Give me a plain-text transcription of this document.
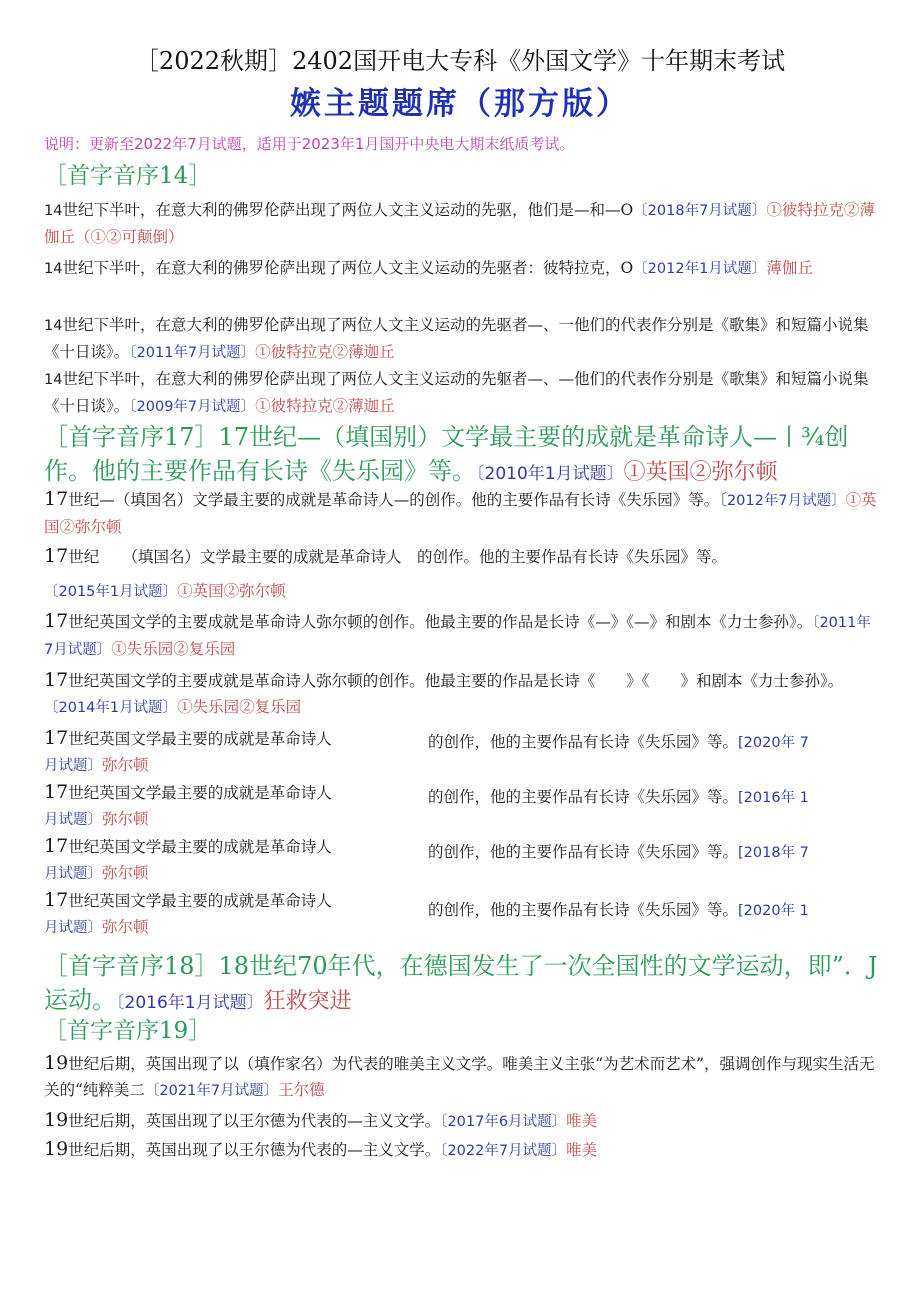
［2022秋期］2402国开电大专科《外国文学》十年期末考试
嫉主题题席（那方版）
说明：更新至2022年7月试题，适用于2023年1月国开中央电大期末纸质考试。
［首字音序14］
14世纪下半叶，在意大利的佛罗伦萨出现了两位人文主义运动的先驱，他们是—和—O〔2018年7月试题〕①彼特拉克②薄伽丘（①②可颠倒）
14世纪下半叶，在意大利的佛罗伦萨出现了两位人文主义运动的先驱者：彼特拉克，O〔2012年1月试题〕薄伽丘
14世纪下半叶，在意大利的佛罗伦萨出现了两位人文主义运动的先驱者—、一他们的代表作分别是《歌集》和短篇小说集《十日谈》。〔2011年7月试题〕①彼特拉克②薄迦丘
14世纪下半叶，在意大利的佛罗伦萨出现了两位人文主义运动的先躯者—、—他们的代表作分别是《歌集》和短篇小说集《十日谈》。〔2009年7月试题〕①彼特拉克②薄迦丘
［首字音序17］17世纪—（填国别）文学最主要的成就是革命诗人—丨¾创作。他的主要作品有长诗《失乐园》等。〔2010年1月试题〕①英国②弥尔顿
17世纪—（填国名）文学最主要的成就是革命诗人—的创作。他的主要作品有长诗《失乐园》等。〔2012年7月试题〕①英国②弥尔顿
17世纪　　（填国名）文学最主要的成就是革命诗人　的创作。他的主要作品有长诗《失乐园》等。
〔2015年1月试题〕①英国②弥尔顿
17世纪英国文学的主要成就是革命诗人弥尔顿的创作。他最主要的作品是长诗《—》《—》和剧本《力士参孙》。〔2011年7月试题〕①失乐园②复乐园
17世纪英国文学的主要成就是革命诗人弥尔顿的创作。他最主要的作品是长诗《　　》《　　》和剧本《力士参孙》。〔2014年1月试题〕①失乐园②复乐园
17世纪英国文学最主要的成就是革命诗人
月试题〕弥尔顿
的创作，他的主要作品有长诗《失乐园》等。[2020年 7
17世纪英国文学最主要的成就是革命诗人
月试题〕弥尔顿
的创作，他的主要作品有长诗《失乐园》等。[2016年 1
17世纪英国文学最主要的成就是革命诗人
月试题〕弥尔顿
的创作，他的主要作品有长诗《失乐园》等。[2018年 7
17世纪英国文学最主要的成就是革命诗人
月试题〕弥尔顿
的创作，他的主要作品有长诗《失乐园》等。[2020年 1
［首字音序18］18世纪70年代，在德国发生了一次全国性的文学运动，即”．J运动。〔2016年1月试题〕狂救突进
［首字音序19］
19世纪后期，英国出现了以（填作家名）为代表的唯美主义文学。唯美主义主张“为艺术而艺术”，强调创作与现实生活无关的“纯粹美二〔2021年7月试题〕王尔德
19世纪后期，英国出现了以王尔德为代表的—主义文学。〔2017年6月试题〕唯美
19世纪后期，英国出现了以王尔德为代表的—主义文学。〔2022年7月试题〕唯美
